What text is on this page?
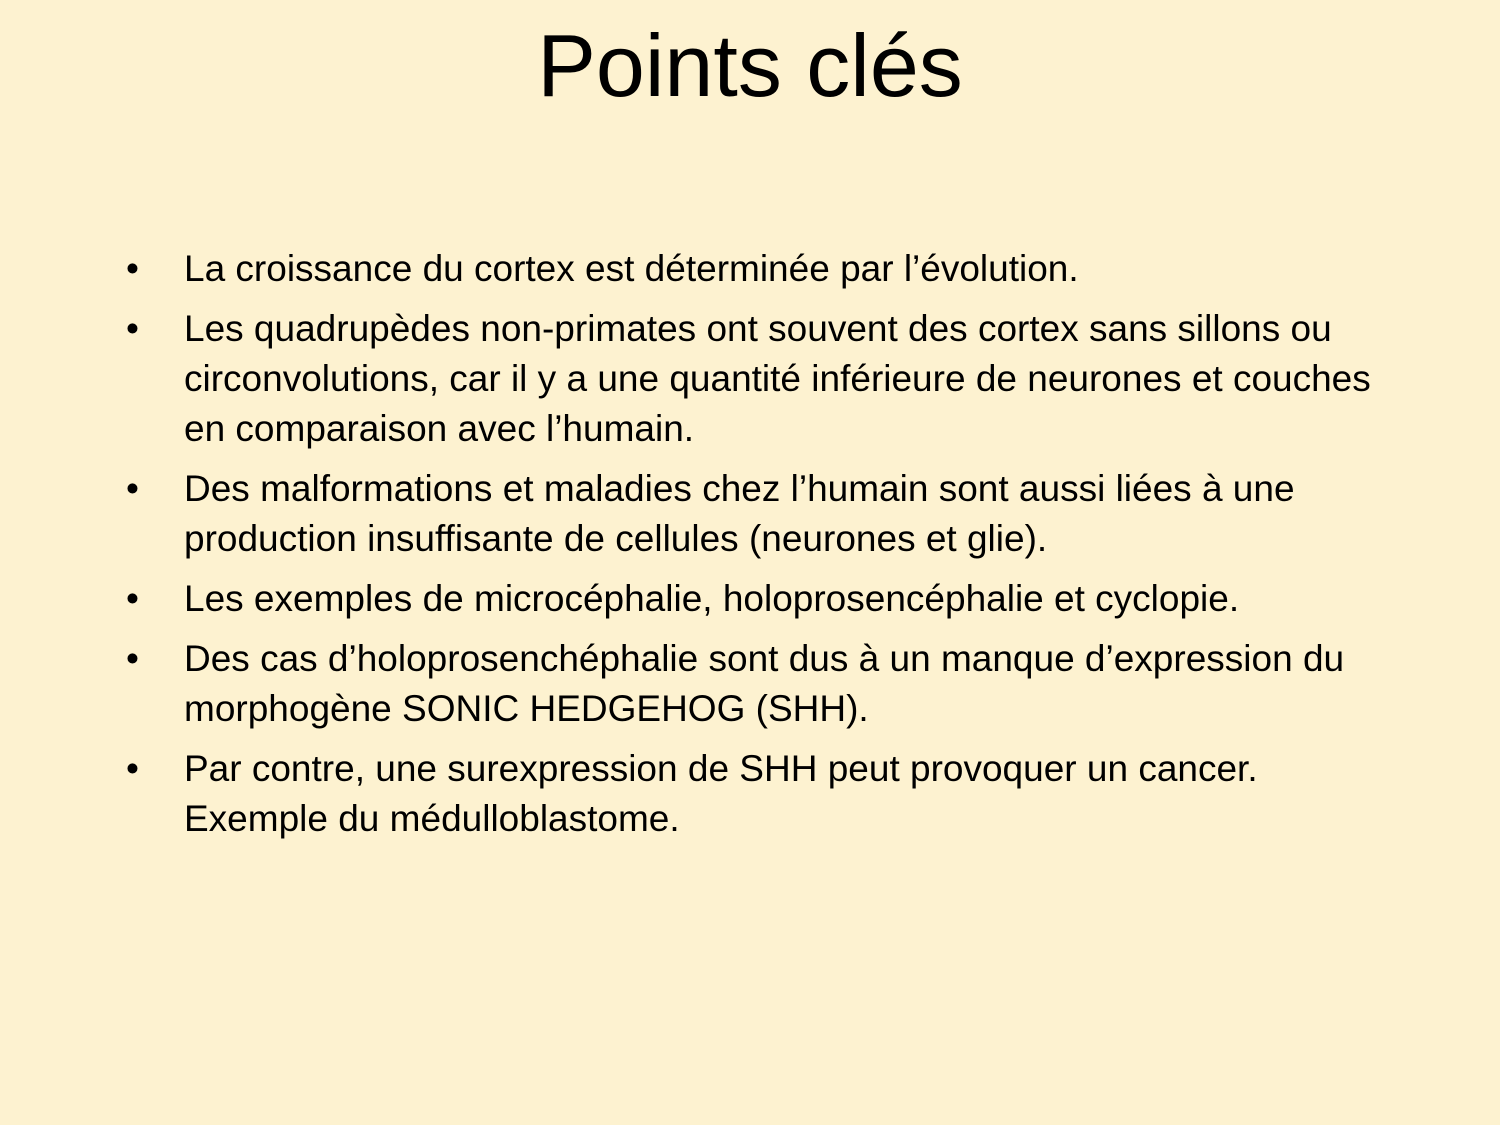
Points clés
• La croissance du cortex est déterminée par l’évolution.
• Les quadrupèdes non-primates ont souvent des cortex sans sillons ou circonvolutions, car il y a une quantité inférieure de neurones et couches en comparaison avec l’humain.
• Des malformations et maladies chez l’humain sont aussi liées à une production insuffisante de cellules (neurones et glie).
• Les exemples de microcéphalie, holoprosencéphalie et cyclopie.
• Des cas d’holoprosenchéphalie sont dus à un manque d’expression du morphogène SONIC HEDGEHOG (SHH).
• Par contre, une surexpression de SHH peut provoquer un cancer. Exemple du médulloblastome.
